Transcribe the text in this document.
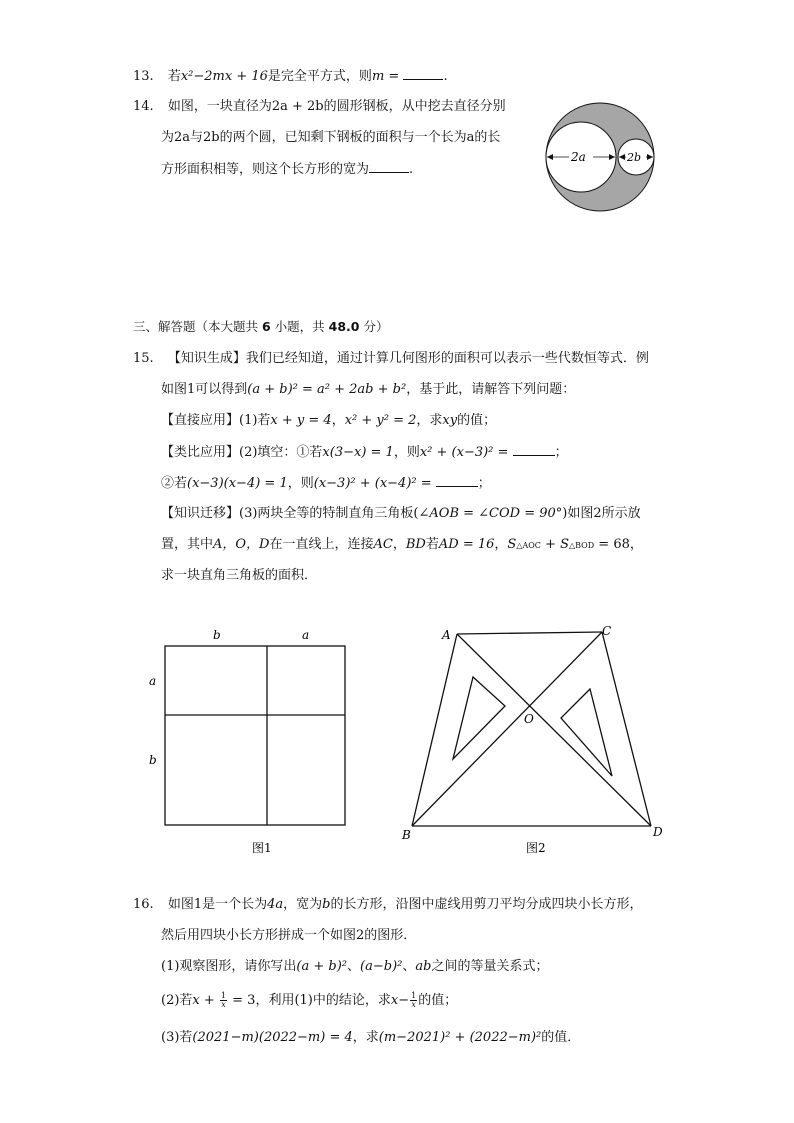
13. 若x²−2mx + 16是完全平方式，则m =	.
14. 如图，一块直径为2a + 2b的圆形钢板，从中挖去直径分别
为2a与2b的两个圆，已知剩下钢板的面积与一个长为a的长
方形面积相等，则这个长方形的宽为	.
2a	2b
三、解答题（本大题共 6 小题，共 48.0 分）
15. 【知识生成】我们已经知道，通过计算几何图形的面积可以表示一些代数恒等式．例
如图1可以得到(a + b)² = a² + 2ab + b²，基于此，请解答下列问题：
【直接应用】(1)若x + y = 4，x² + y² = 2，求xy的值；
【类比应用】(2)填空：①若x(3−x) = 1，则x² + (x−3)² =	；
②若(x−3)(x−4) = 1，则(x−3)² + (x−4)² =	；
【知识迁移】(3)两块全等的特制直角三角板(∠AOB = ∠COD = 90°)如图2所示放
置，其中A，O，D在一直线上，连接AC，BD若AD = 16，S△AOC + S△BOD = 68，
求一块直角三角板的面积．
b	a
a
b
图1
A	C
O
B	D
图2
16. 如图1是一个长为4a，宽为b的长方形，沿图中虚线用剪刀平均分成四块小长方形，
然后用四块小长方形拼成一个如图2的图形．
(1)观察图形，请你写出(a + b)²、(a−b)²、ab之间的等量关系式；
(2)若$x + \frac{1}{x} = 3$，利用(1)中的结论，求$x- \frac{1}{x}$ 的值；
(3)若(2021−m)(2022−m) = 4，求(m−2021)² + (2022−m)²的值．
